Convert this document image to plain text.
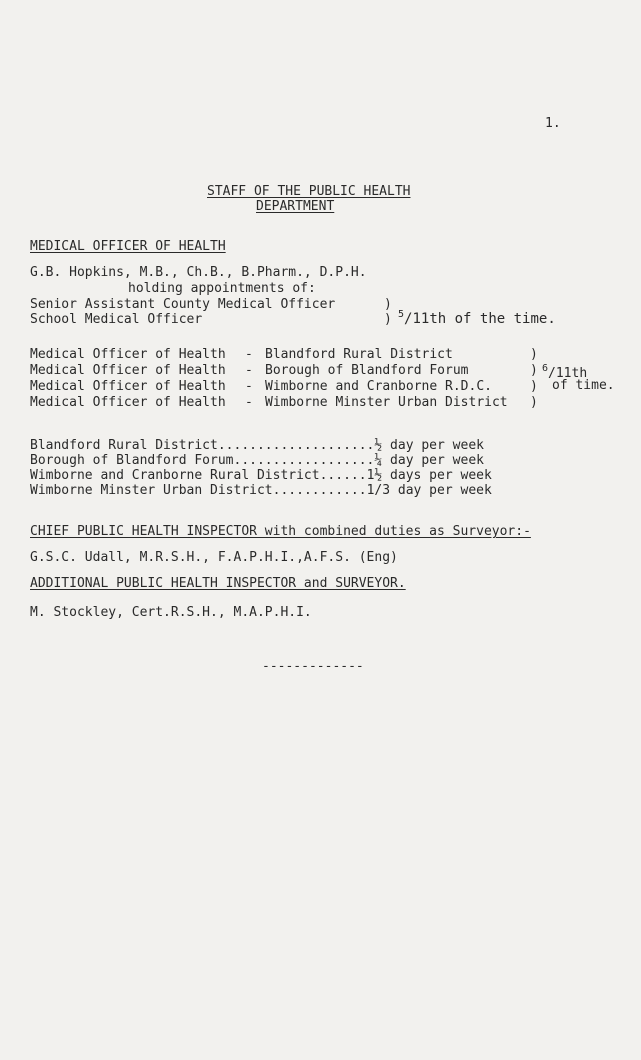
1.
STAFF OF THE PUBLIC HEALTH
DEPARTMENT
MEDICAL OFFICER OF HEALTH
G.B. Hopkins, M.B., Ch.B., B.Pharm., D.P.H.
holding appointments of:
Senior Assistant County Medical Officer
School Medical Officer
)
) $^5$/11th of the time.
Medical Officer of Health - Blandford Rural District
Medical Officer of Health - Borough of Blandford Forum
Medical Officer of Health - Wimborne and Cranborne R.D.C.
Medical Officer of Health - Wimborne Minster Urban District
)
)
)
)
$^6$/11th
of time.
Blandford Rural District....................½ day per week
Borough of Blandford Forum..................¼ day per week
Wimborne and Cranborne Rural District......1½ days per week
Wimborne Minster Urban District............1/3 day per week
CHIEF PUBLIC HEALTH INSPECTOR with combined duties as Surveyor:-
G.S.C. Udall, M.R.S.H., F.A.P.H.I.,A.F.S. (Eng)
ADDITIONAL PUBLIC HEALTH INSPECTOR and SURVEYOR.
M. Stockley, Cert.R.S.H., M.A.P.H.I.
-------------
